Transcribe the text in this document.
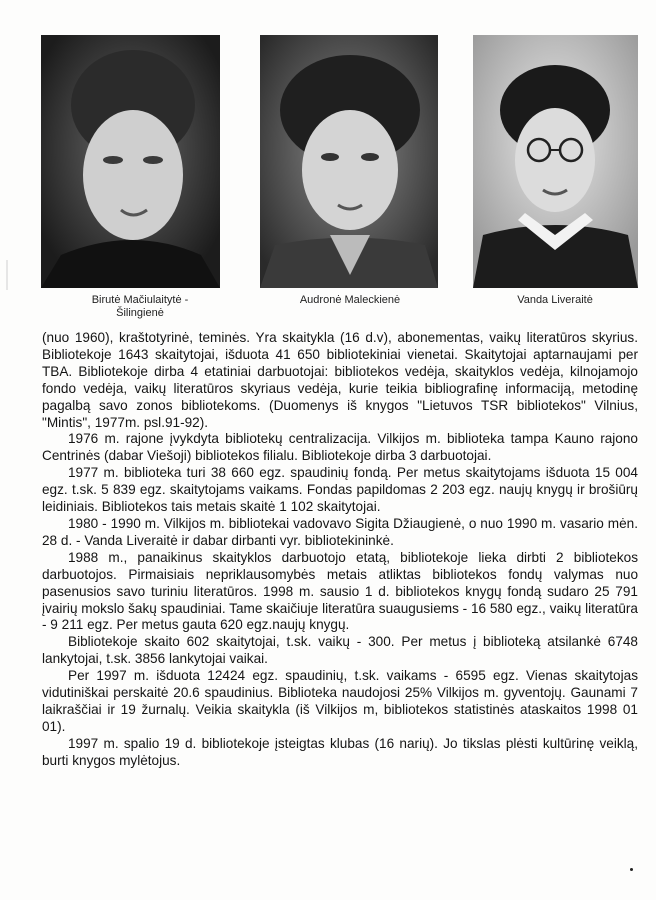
Birutė Mačiulaitytė -
Šilingienė
Audronė Maleckienė	Vanda Liveraitė

(nuo 1960), kraštotyrinė, teminės. Yra skaitykla (16 d.v), abonementas, vaikų literatūros skyrius. Bibliotekoje 1643 skaitytojai, išduota 41 650 bibliotekiniai vienetai. Skaitytojai aptarnaujami per TBA. Bibliotekoje dirba 4 etatiniai darbuotojai: bibliotekos vedėja, skaityklos vedėja, kilnojamojo fondo vedėja, vaikų literatūros skyriaus vedėja, kurie teikia bibliografinę informaciją, metodinę pagalbą savo zonos bibliotekoms. (Duomenys iš knygos "Lietuvos TSR bibliotekos" Vilnius, "Mintis", 1977m. psl.91-92).

1976 m. rajone įvykdyta bibliotekų centralizacija. Vilkijos m. biblioteka tampa Kauno rajono Centrinės (dabar Viešoji) bibliotekos filialu. Bibliotekoje dirba 3 darbuotojai.

1977 m. biblioteka turi 38 660 egz. spaudinių fondą. Per metus skaitytojams išduota 15 004 egz. t.sk. 5 839 egz. skaitytojams vaikams. Fondas papildomas 2 203 egz. naujų knygų ir brošiūrų leidiniais. Bibliotekos tais metais skaitė 1 102 skaitytojai.

1980 - 1990 m. Vilkijos m. bibliotekai vadovavo Sigita Džiaugienė, o nuo 1990 m. vasario mėn. 28 d. - Vanda Liveraitė ir dabar dirbanti vyr. bibliotekininkė.

1988 m., panaikinus skaityklos darbuotojo etatą, bibliotekoje lieka dirbti 2 bibliotekos darbuotojos. Pirmaisiais nepriklausomybės metais atliktas bibliotekos fondų valymas nuo pasenusios savo turiniu literatūros. 1998 m. sausio 1 d. bibliotekos knygų fondą sudaro 25 791 įvairių mokslo šakų spaudiniai. Tame skaičiuje literatūra suaugusiems - 16 580 egz., vaikų literatūra - 9 211 egz. Per metus gauta 620 egz.naujų knygų.

Bibliotekoje skaito 602 skaitytojai, t.sk. vaikų - 300. Per metus į biblioteką atsilankė 6748 lankytojai, t.sk. 3856 lankytojai vaikai.

Per 1997 m. išduota 12424 egz. spaudinių, t.sk. vaikams - 6595 egz. Vienas skaitytojas vidutiniškai perskaitė 20.6 spaudinius. Biblioteka naudojosi 25% Vilkijos m. gyventojų. Gaunami 7 laikraščiai ir 19 žurnalų. Veikia skaitykla (iš Vilkijos m, bibliotekos statistinės ataskaitos 1998 01 01).

1997 m. spalio 19 d. bibliotekoje įsteigtas klubas (16 narių). Jo tikslas plėsti kultūrinę veiklą, burti knygos mylėtojus.
